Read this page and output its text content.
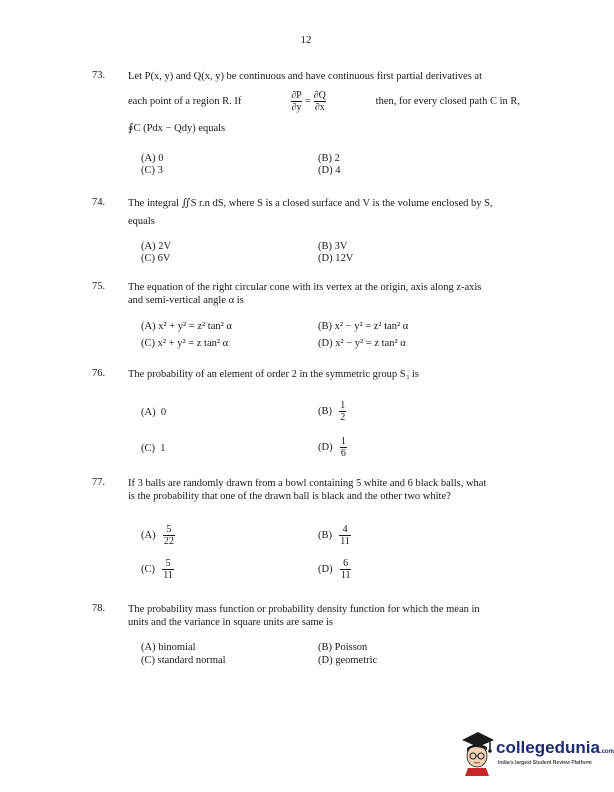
12
73.	Let P(x, y) and Q(x, y) be continuous and have continuous first partial derivatives at
each point of a region R. If	$\frac{\partial P}{\partial y} = \frac{\partial Q}{\partial x}$	then, for every closed path C in R,
∮C (Pdx − Qdy) equals
(A) 0	(B) 2
(C) 3	(D) 4
74.	The integral ∬S r.n dS, where S is a closed surface and V is the volume enclosed by S,
equals
(A) 2V	(B) 3V
(C) 6V	(D) 12V
75.	The equation of the right circular cone with its vertex at the origin, axis along z-axis
and semi-vertical angle α is
(A) x² + y² = z² tan² α	(B) x² − y² = z² tan² α
(C) x² + y² = z tan² α	(D) x² − y² = z tan² α
76.	The probability of an element of order 2 in the symmetric group S₃ is
(A) 0	(B)
$\frac{1}{2}$
(C) 1	(D)
$\frac{1}{6}$
77.	If 3 balls are randomly drawn from a bowl containing 5 white and 6 black balls, what
is the probability that one of the drawn ball is black and the other two white?
(A)
$\frac{5}{22}$	(B)
$\frac{4}{11}$
(C)
$\frac{5}{11}$	(D)
$\frac{6}{11}$
78.	The probability mass function or probability density function for which the mean in
units and the variance in square units are same is
(A) binomial	(B) Poisson
(C) standard normal	(D) geometric
collegedunia.com
India's largest Student Review Platform
